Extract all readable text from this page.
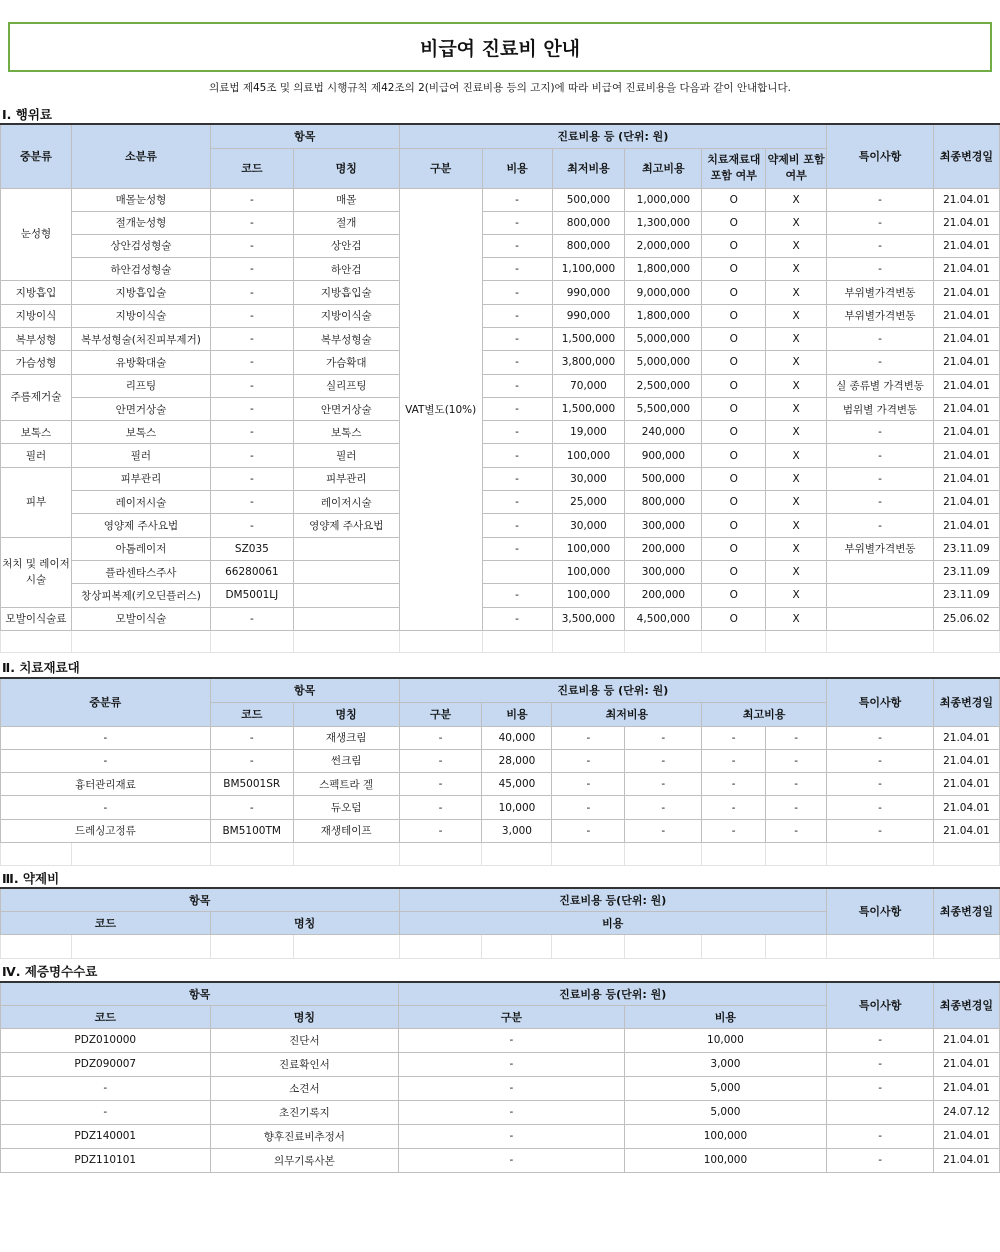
비급여 진료비 안내
의료법 제45조 및 의료법 시행규칙 제42조의 2(비급여 진료비용 등의 고지)에 따라 비급여 진료비용을 다음과 같이 안내합니다.
Ⅰ. 행위료
중분류	소분류	항목		진료비용 등 (단위: 원)						특이사항	최종변경일
		코드	명칭	구분	비용	최저비용	최고비용	치료재료대 포함 여부	약제비 포함 여부		
눈성형	매몰눈성형	-	매몰	VAT별도(10%)	-	500,000	1,000,000	O	X	-	21.04.01
	절개눈성형	-	절개		-	800,000	1,300,000	O	X	-	21.04.01
	상안검성형술	-	상안검		-	800,000	2,000,000	O	X	-	21.04.01
	하안검성형술	-	하안검		-	1,100,000	1,800,000	O	X	-	21.04.01
지방흡입	지방흡입술	-	지방흡입술		-	990,000	9,000,000	O	X	부위별가격변동	21.04.01
지방이식	지방이식술	-	지방이식술		-	990,000	1,800,000	O	X	부위별가격변동	21.04.01
복부성형	복부성형술(처진피부제거)	-	복부성형술		-	1,500,000	5,000,000	O	X	-	21.04.01
가슴성형	유방확대술	-	가슴확대		-	3,800,000	5,000,000	O	X	-	21.04.01
주름제거술	리프팅	-	실리프팅		-	70,000	2,500,000	O	X	실 종류별 가격변동	21.04.01
	안면거상술	-	안면거상술		-	1,500,000	5,500,000	O	X	범위별 가격변동	21.04.01
보톡스	보톡스	-	보톡스		-	19,000	240,000	O	X	-	21.04.01
필러	필러	-	필러		-	100,000	900,000	O	X	-	21.04.01
피부	피부관리	-	피부관리		-	30,000	500,000	O	X	-	21.04.01
	레이저시술	-	레이저시술		-	25,000	800,000	O	X	-	21.04.01
	영양제 주사요법	-	영양제 주사요법		-	30,000	300,000	O	X	-	21.04.01
처치 및 레이저시술	아톰레이저	SZ035			-	100,000	200,000	O	X	부위별가격변동	23.11.09
	플라센타스주사	66280061				100,000	300,000	O	X		23.11.09
	창상피복제(키오딘플러스)	DM5001LJ			-	100,000	200,000	O	X		23.11.09
모발이식술료	모발이식술	-			-	3,500,000	4,500,000	O	X		25.06.02

Ⅱ. 치료재료대
중분류		항목		진료비용 등 (단위: 원)						특이사항	최종변경일
		코드	명칭	구분	비용	최저비용		최고비용			
-		-	재생크림	-	40,000	-	-	-	-	-	21.04.01
-		-	썬크림	-	28,000	-	-	-	-	-	21.04.01
흉터관리재료		BM5001SR	스펙트라 겔	-	45,000	-	-	-	-	-	21.04.01
-		-	듀오덤	-	10,000	-	-	-	-	-	21.04.01
드레싱고정류		BM5100TM	재생테이프	-	3,000	-	-	-	-	-	21.04.01

Ⅲ. 약제비
항목				진료비용 등(단위: 원)						특이사항	최종변경일
코드		명칭		비용							

Ⅳ. 제증명수수료
항목		진료비용 등(단위: 원)		특이사항	최종변경일
코드	명칭	구분	비용		
PDZ010000	진단서	-	10,000	-	21.04.01
PDZ090007	진료확인서	-	3,000	-	21.04.01
-	소견서	-	5,000	-	21.04.01
-	초진기록지	-	5,000		24.07.12
PDZ140001	향후진료비추정서	-	100,000	-	21.04.01
PDZ110101	의무기록사본	-	100,000	-	21.04.01
